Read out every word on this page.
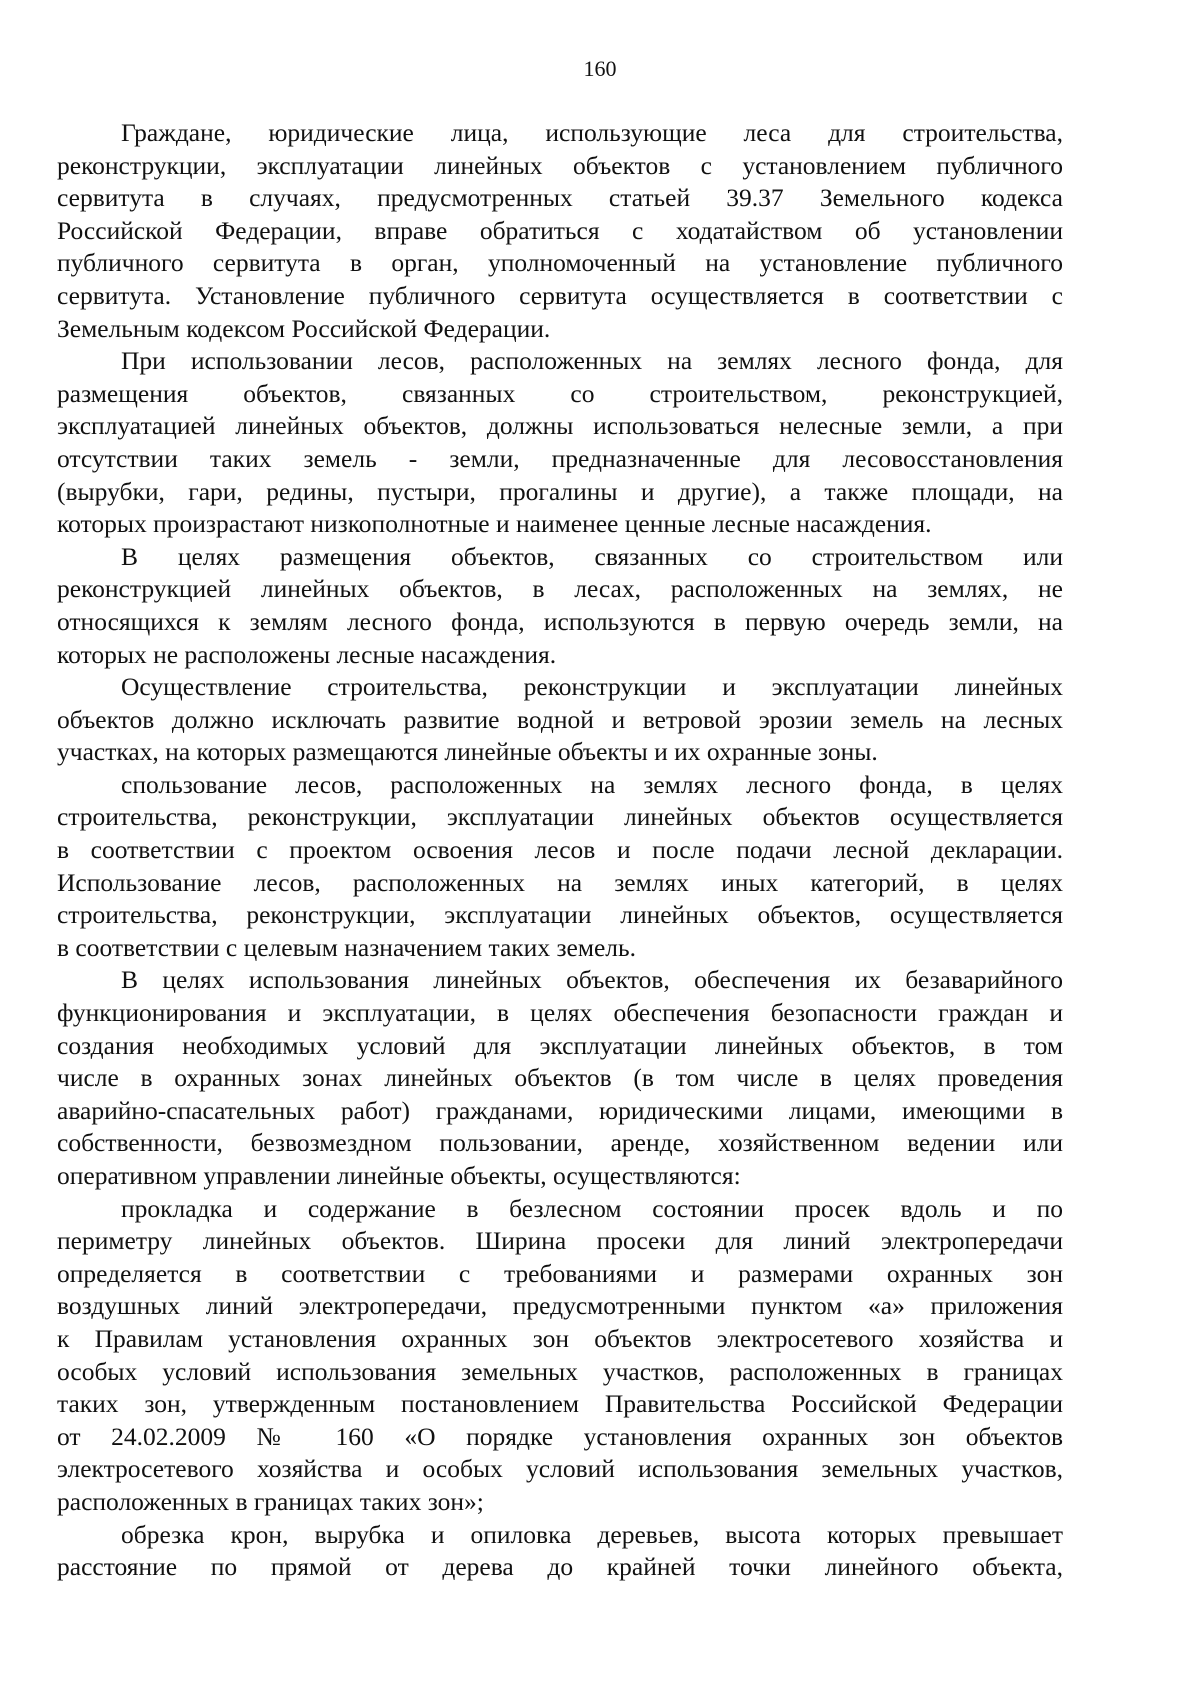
160
Граждане, юридические лица, использующие леса для строительства,
реконструкции, эксплуатации линейных объектов с установлением публичного
сервитута в случаях, предусмотренных статьей 39.37 Земельного кодекса
Российской Федерации, вправе обратиться с ходатайством об установлении
публичного сервитута в орган, уполномоченный на установление публичного
сервитута. Установление публичного сервитута осуществляется в соответствии с
Земельным кодексом Российской Федерации.
При использовании лесов, расположенных на землях лесного фонда, для
размещения объектов, связанных со строительством, реконструкцией,
эксплуатацией линейных объектов, должны использоваться нелесные земли, а при
отсутствии таких земель - земли, предназначенные для лесовосстановления
(вырубки, гари, редины, пустыри, прогалины и другие), а также площади, на
которых произрастают низкополнотные и наименее ценные лесные насаждения.
В целях размещения объектов, связанных со строительством или
реконструкцией линейных объектов, в лесах, расположенных на землях, не
относящихся к землям лесного фонда, используются в первую очередь земли, на
которых не расположены лесные насаждения.
Осуществление строительства, реконструкции и эксплуатации линейных
объектов должно исключать развитие водной и ветровой эрозии земель на лесных
участках, на которых размещаются линейные объекты и их охранные зоны.
спользование лесов, расположенных на землях лесного фонда, в целях
строительства, реконструкции, эксплуатации линейных объектов осуществляется
в соответствии с проектом освоения лесов и после подачи лесной декларации.
Использование лесов, расположенных на землях иных категорий, в целях
строительства, реконструкции, эксплуатации линейных объектов, осуществляется
в соответствии с целевым назначением таких земель.
В целях использования линейных объектов, обеспечения их безаварийного
функционирования и эксплуатации, в целях обеспечения безопасности граждан и
создания необходимых условий для эксплуатации линейных объектов, в том
числе в охранных зонах линейных объектов (в том числе в целях проведения
аварийно-спасательных работ) гражданами, юридическими лицами, имеющими в
собственности, безвозмездном пользовании, аренде, хозяйственном ведении или
оперативном управлении линейные объекты, осуществляются:
прокладка и содержание в безлесном состоянии просек вдоль и по
периметру линейных объектов. Ширина просеки для линий электропередачи
определяется в соответствии с требованиями и размерами охранных зон
воздушных линий электропередачи, предусмотренными пунктом «а» приложения
к Правилам установления охранных зон объектов электросетевого хозяйства и
особых условий использования земельных участков, расположенных в границах
таких зон, утвержденным постановлением Правительства Российской Федерации
от 24.02.2009 № 160 «О порядке установления охранных зон объектов
электросетевого хозяйства и особых условий использования земельных участков,
расположенных в границах таких зон»;
обрезка крон, вырубка и опиловка деревьев, высота которых превышает
расстояние по прямой от дерева до крайней точки линейного объекта,
